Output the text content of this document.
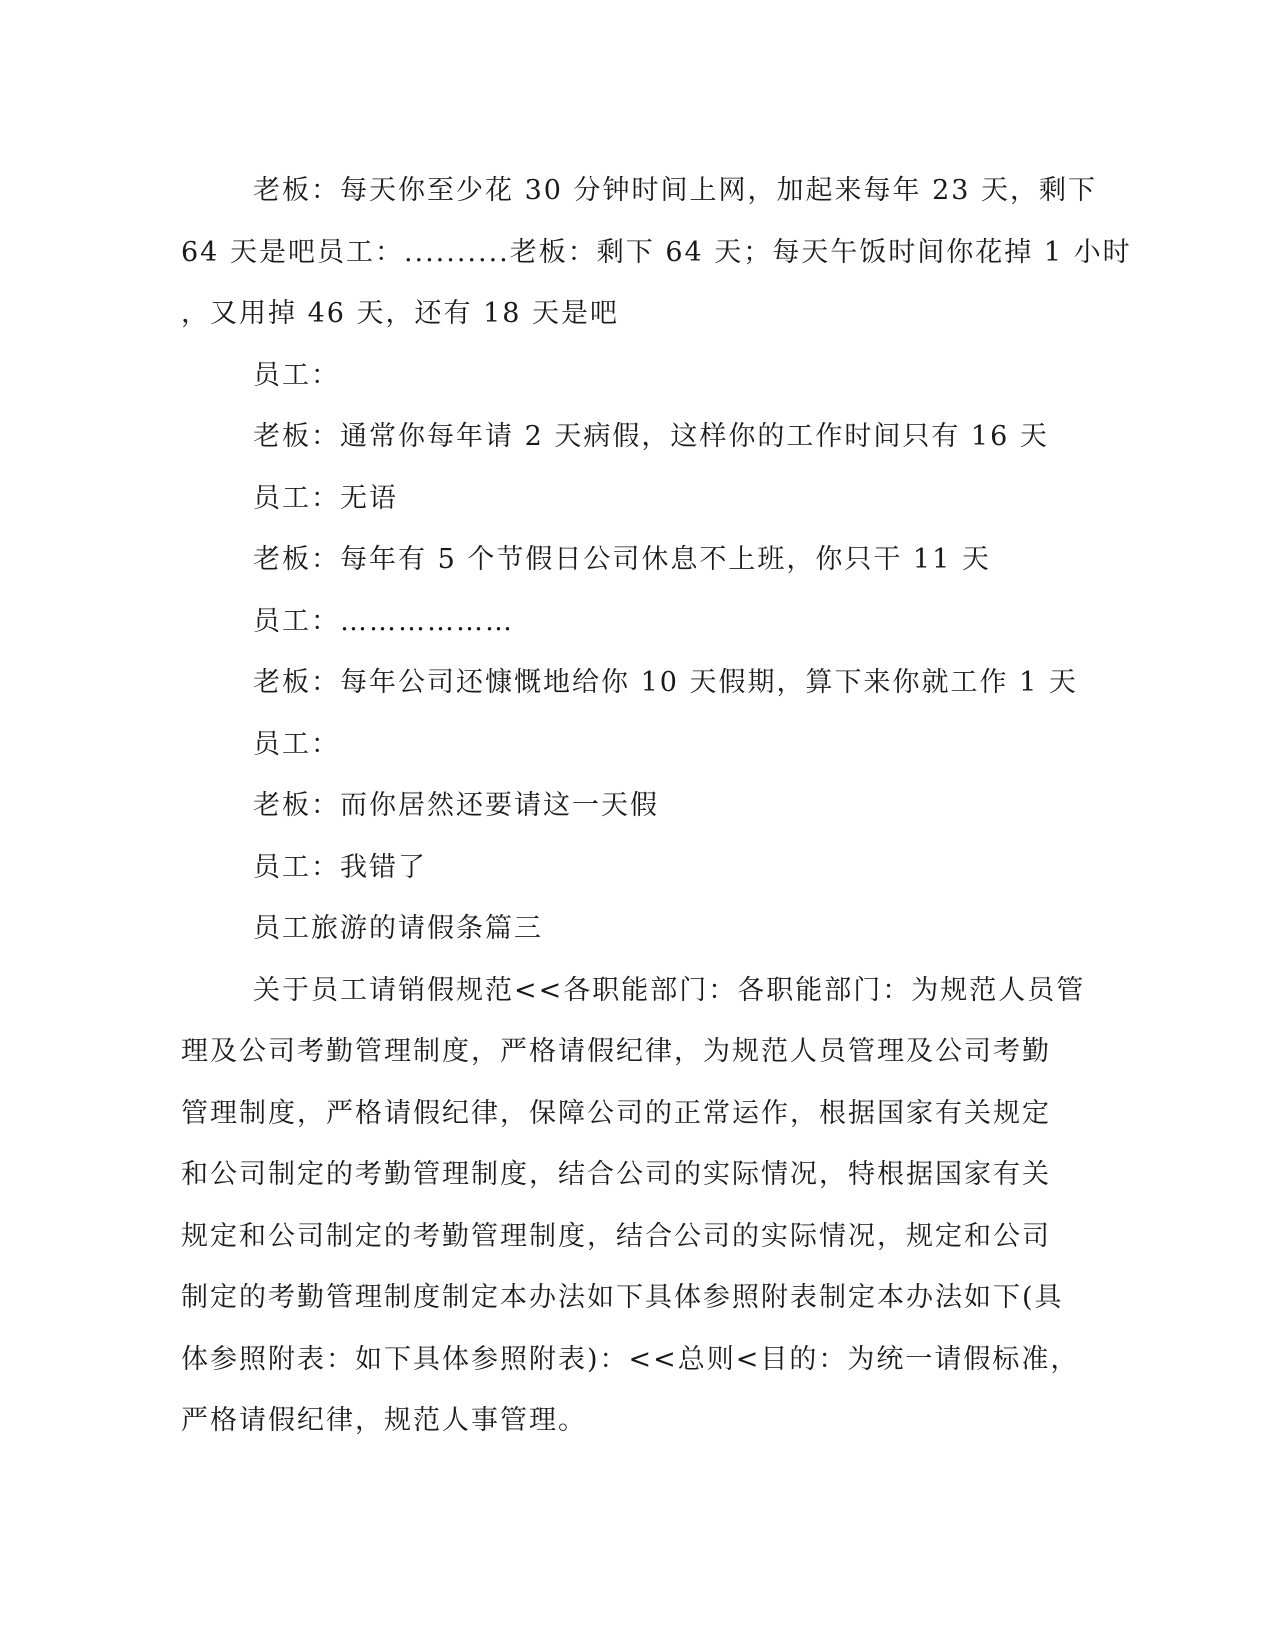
老板：每天你至少花 30 分钟时间上网，加起来每年 23 天，剩下
64 天是吧员工：..........老板：剩下 64 天；每天午饭时间你花掉 1 小时
，又用掉 46 天，还有 18 天是吧
员工：
老板：通常你每年请 2 天病假，这样你的工作时间只有 16 天
员工：无语
老板：每年有 5 个节假日公司休息不上班，你只干 11 天
员工：………………
老板：每年公司还慷慨地给你 10 天假期，算下来你就工作 1 天
员工：
老板：而你居然还要请这一天假
员工：我错了
员工旅游的请假条篇三
关于员工请销假规范<<各职能部门：各职能部门：为规范人员管
理及公司考勤管理制度，严格请假纪律，为规范人员管理及公司考勤
管理制度，严格请假纪律，保障公司的正常运作，根据国家有关规定
和公司制定的考勤管理制度，结合公司的实际情况，特根据国家有关
规定和公司制定的考勤管理制度，结合公司的实际情况，规定和公司
制定的考勤管理制度制定本办法如下具体参照附表制定本办法如下(具
体参照附表：如下具体参照附表)：<<总则<目的：为统一请假标准，
严格请假纪律，规范人事管理。
